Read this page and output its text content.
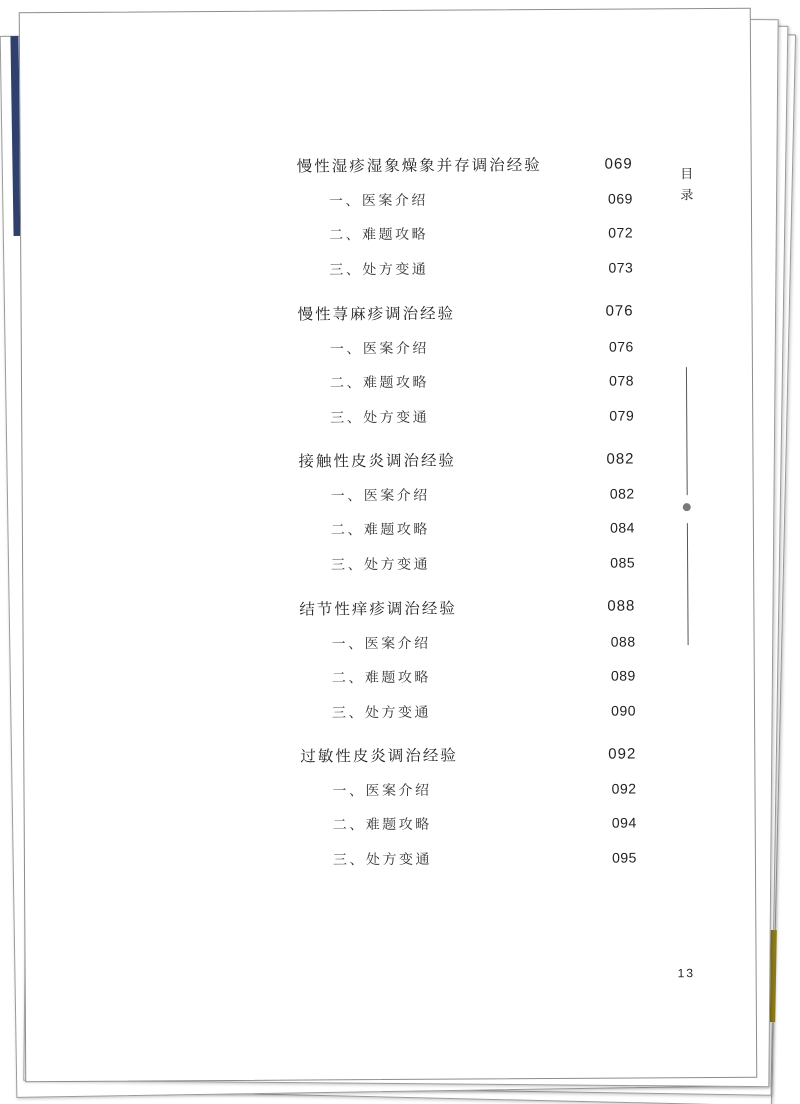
慢性湿疹湿象燥象并存调治经验	069
一、医案介绍	069
二、难题攻略	072
三、处方变通	073
慢性荨麻疹调治经验	076
一、医案介绍	076
二、难题攻略	078
三、处方变通	079
接触性皮炎调治经验	082
一、医案介绍	082
二、难题攻略	084
三、处方变通	085
结节性痒疹调治经验	088
一、医案介绍	088
二、难题攻略	089
三、处方变通	090
过敏性皮炎调治经验	092
一、医案介绍	092
二、难题攻略	094
三、处方变通	095
目
录
13
